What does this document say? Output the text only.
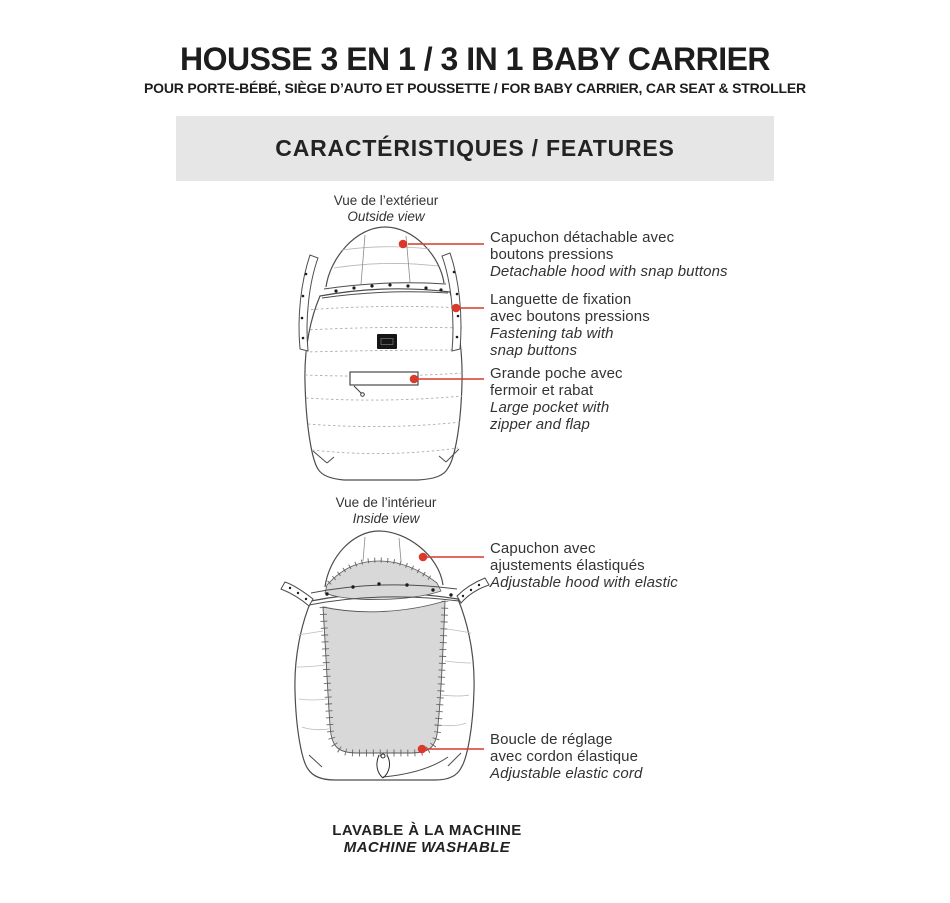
HOUSSE 3 EN 1 / 3 IN 1 BABY CARRIER
POUR PORTE-BÉBÉ, SIÈGE D’AUTO ET POUSSETTE / FOR BABY CARRIER, CAR SEAT & STROLLER
CARACTÉRISTIQUES / FEATURES
Vue de l’extérieur
Outside view
Vue de l’intérieur
Inside view
Capuchon détachable avec
boutons pressions
Detachable hood with snap buttons
Languette de fixation
avec boutons pressions
Fastening tab with
snap buttons
Grande poche avec
fermoir et rabat
Large pocket with
zipper and flap
Capuchon avec
ajustements élastiqués
Adjustable hood with elastic
Boucle de réglage
avec cordon élastique
Adjustable elastic cord
LAVABLE À LA MACHINE
MACHINE WASHABLE
